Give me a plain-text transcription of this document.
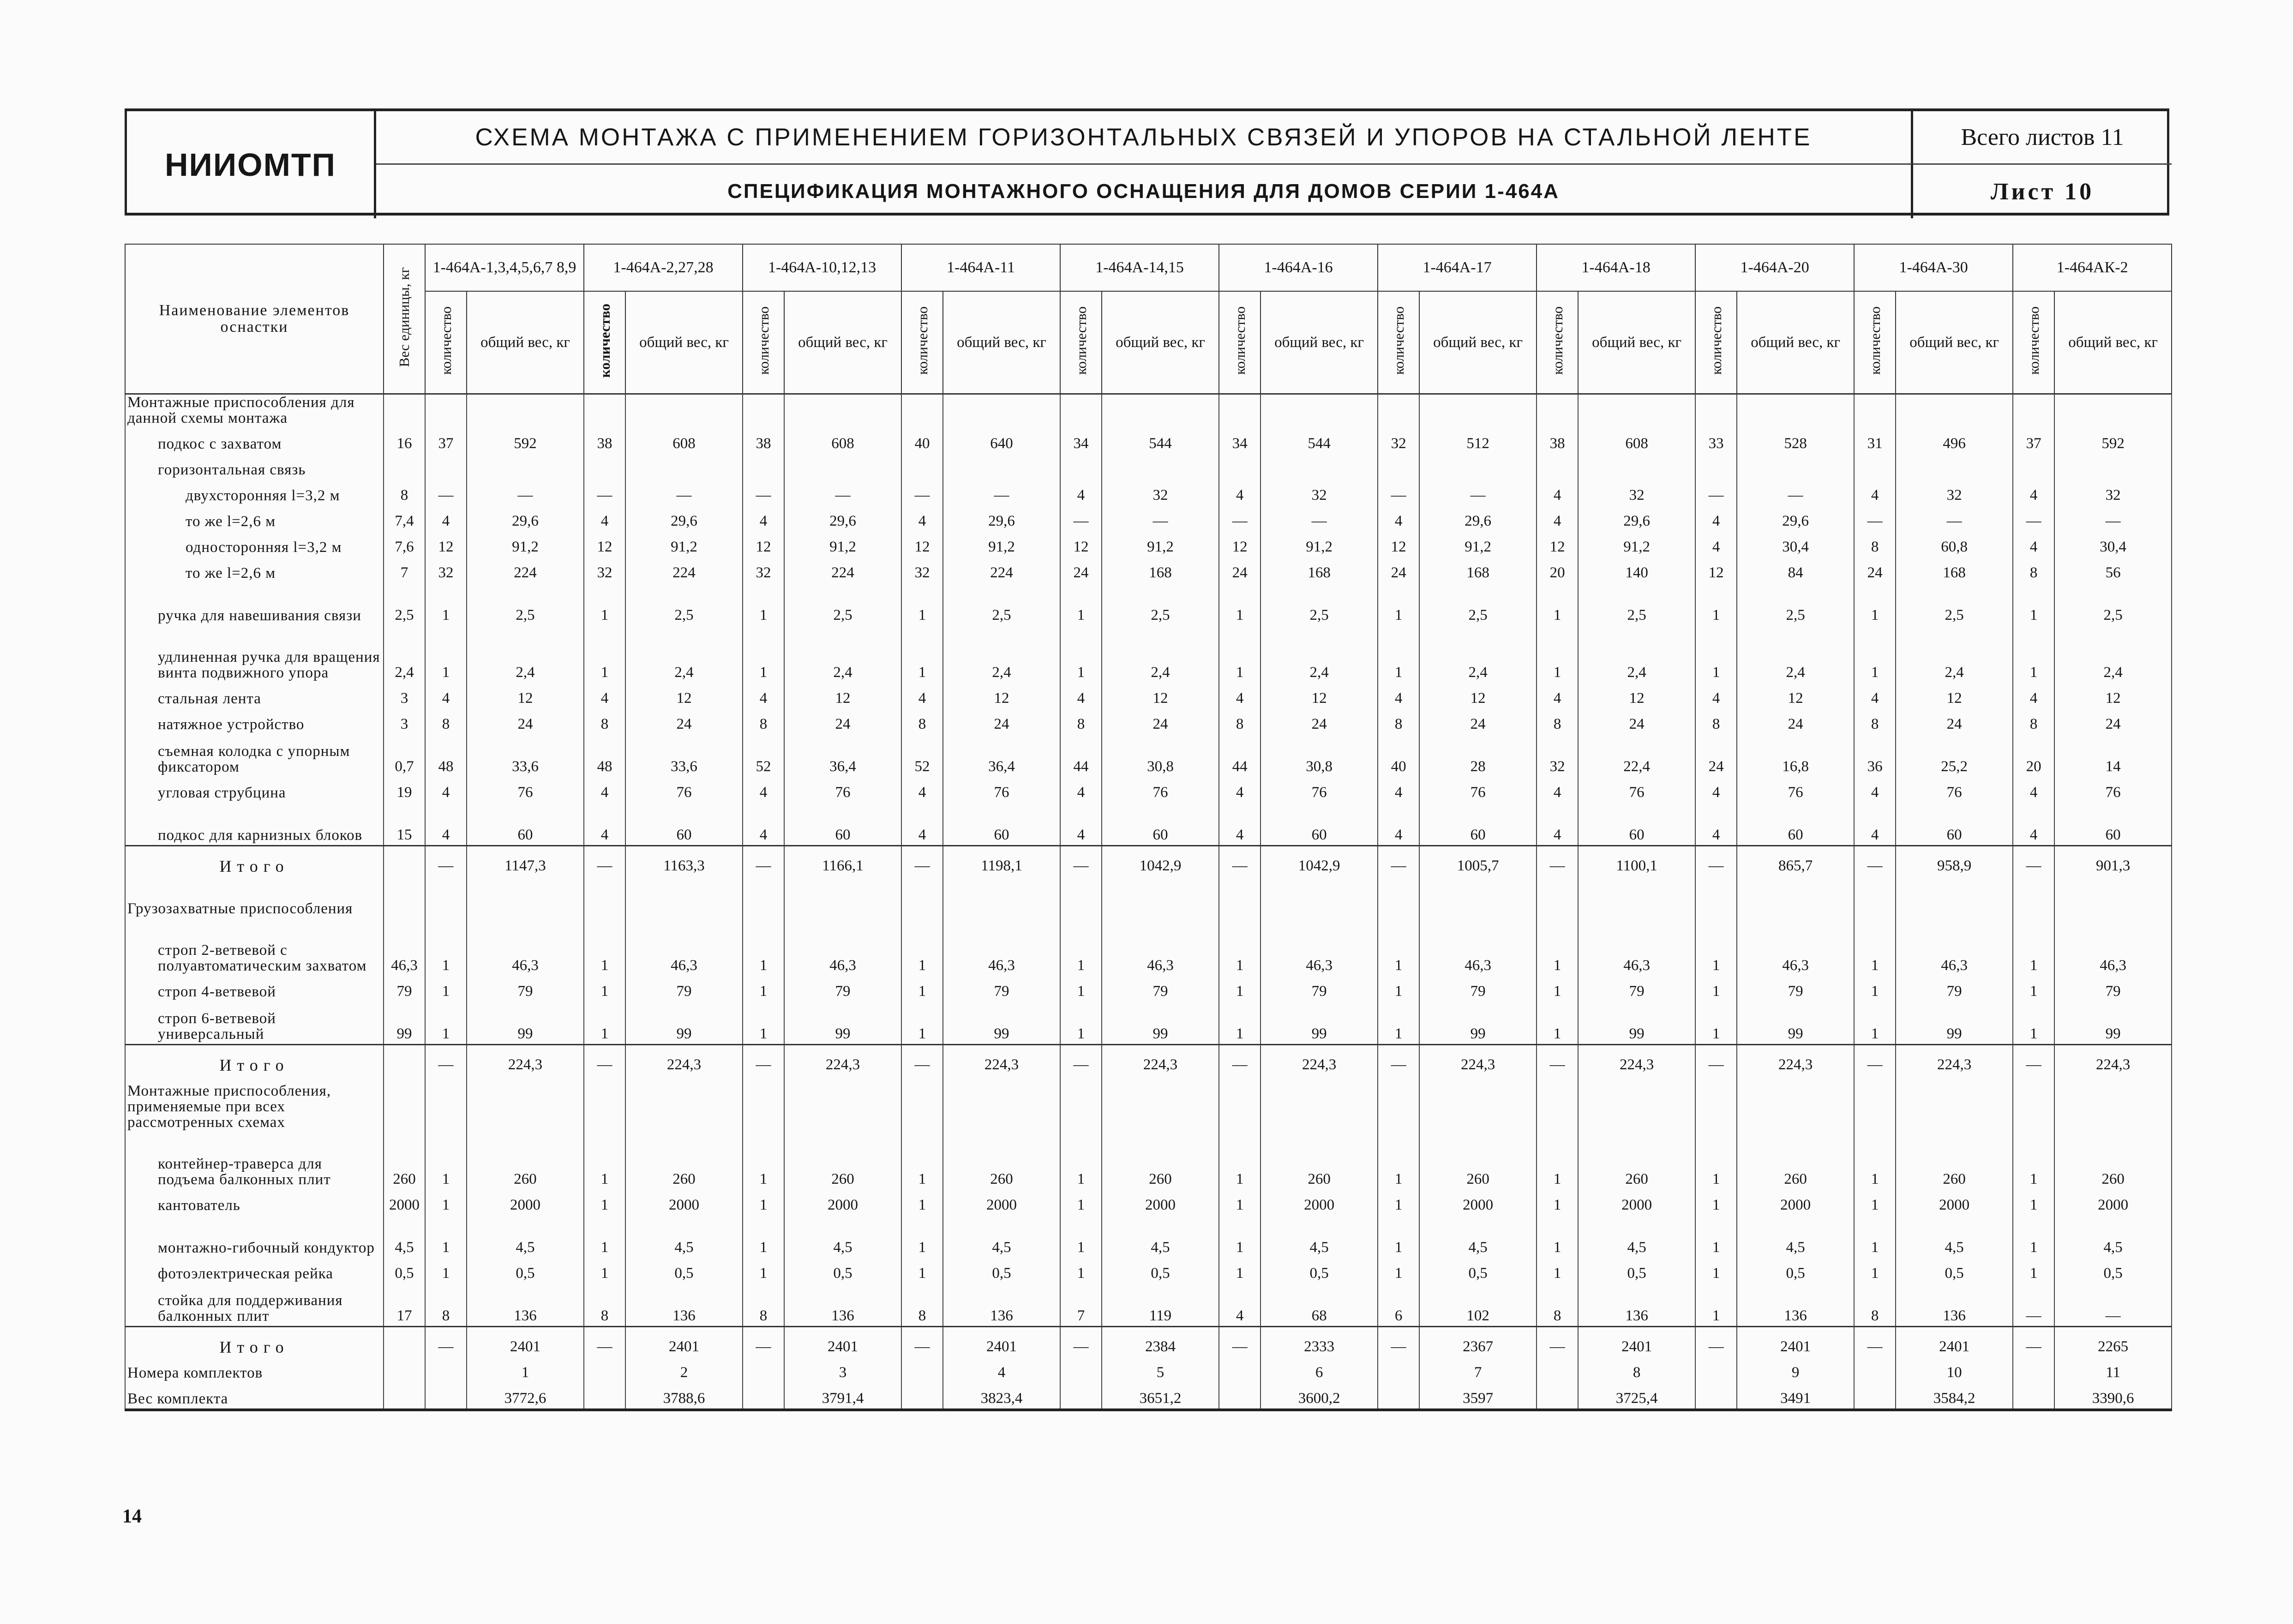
НИИОМТП
СХЕМА МОНТАЖА С ПРИМЕНЕНИЕМ ГОРИЗОНТАЛЬНЫХ СВЯЗЕЙ И УПОРОВ НА СТАЛЬНОЙ ЛЕНТЕ	Всего листов 11
СПЕЦИФИКАЦИЯ МОНТАЖНОГО ОСНАЩЕНИЯ ДЛЯ ДОМОВ СЕРИИ 1-464А	Лист 10
Наименование элементов оснастки	Вес единицы, кг	1-464А-1,3,4,5,6,7 8,9		1-464А-2,27,28		1-464А-10,12,13		1-464А-11		1-464А-14,15		1-464А-16		1-464А-17		1-464А-18		1-464А-20		1-464А-30		1-464АК-2	
		количество	общий вес, кг	количество	общий вес, кг	количество	общий вес, кг	количество	общий вес, кг	количество	общий вес, кг	количество	общий вес, кг	количество	общий вес, кг	количество	общий вес, кг	количество	общий вес, кг	количество	общий вес, кг	количество	общий вес, кг
Монтажные приспособления для данной схемы монтажа																							
подкос с захватом	16	37	592	38	608	38	608	40	640	34	544	34	544	32	512	38	608	33	528	31	496	37	592
горизонтальная связь																							
двухсторонняя l=3,2 м	8	—	—	—	—	—	—	—	—	4	32	4	32	—	—	4	32	—	—	4	32	4	32
то же l=2,6 м	7,4	4	29,6	4	29,6	4	29,6	4	29,6	—	—	—	—	4	29,6	4	29,6	4	29,6	—	—	—	—
односторонняя l=3,2 м	7,6	12	91,2	12	91,2	12	91,2	12	91,2	12	91,2	12	91,2	12	91,2	12	91,2	4	30,4	8	60,8	4	30,4
то же l=2,6 м	7	32	224	32	224	32	224	32	224	24	168	24	168	24	168	20	140	12	84	24	168	8	56
ручка для навешивания связи	2,5	1	2,5	1	2,5	1	2,5	1	2,5	1	2,5	1	2,5	1	2,5	1	2,5	1	2,5	1	2,5	1	2,5
удлиненная ручка для вращения винта подвижного упора	2,4	1	2,4	1	2,4	1	2,4	1	2,4	1	2,4	1	2,4	1	2,4	1	2,4	1	2,4	1	2,4	1	2,4
стальная лента	3	4	12	4	12	4	12	4	12	4	12	4	12	4	12	4	12	4	12	4	12	4	12
натяжное устройство	3	8	24	8	24	8	24	8	24	8	24	8	24	8	24	8	24	8	24	8	24	8	24
съемная колодка с упорным фиксатором	0,7	48	33,6	48	33,6	52	36,4	52	36,4	44	30,8	44	30,8	40	28	32	22,4	24	16,8	36	25,2	20	14
угловая струбцина	19	4	76	4	76	4	76	4	76	4	76	4	76	4	76	4	76	4	76	4	76	4	76
подкос для карнизных блоков	15	4	60	4	60	4	60	4	60	4	60	4	60	4	60	4	60	4	60	4	60	4	60
Итого		—	1147,3	—	1163,3	—	1166,1	—	1198,1	—	1042,9	—	1042,9	—	1005,7	—	1100,1	—	865,7	—	958,9	—	901,3
Грузозахватные приспособления																							
строп 2-ветвевой с полуавтоматическим захватом	46,3	1	46,3	1	46,3	1	46,3	1	46,3	1	46,3	1	46,3	1	46,3	1	46,3	1	46,3	1	46,3	1	46,3
строп 4-ветвевой	79	1	79	1	79	1	79	1	79	1	79	1	79	1	79	1	79	1	79	1	79	1	79
строп 6-ветвевой универсальный	99	1	99	1	99	1	99	1	99	1	99	1	99	1	99	1	99	1	99	1	99	1	99
Итого		—	224,3	—	224,3	—	224,3	—	224,3	—	224,3	—	224,3	—	224,3	—	224,3	—	224,3	—	224,3	—	224,3
Монтажные приспособления, применяемые при всех рассмотренных схемах																							
контейнер-траверса для подъема балконных плит	260	1	260	1	260	1	260	1	260	1	260	1	260	1	260	1	260	1	260	1	260	1	260
кантователь	2000	1	2000	1	2000	1	2000	1	2000	1	2000	1	2000	1	2000	1	2000	1	2000	1	2000	1	2000
монтажно-гибочный кондуктор	4,5	1	4,5	1	4,5	1	4,5	1	4,5	1	4,5	1	4,5	1	4,5	1	4,5	1	4,5	1	4,5	1	4,5
фотоэлектрическая рейка	0,5	1	0,5	1	0,5	1	0,5	1	0,5	1	0,5	1	0,5	1	0,5	1	0,5	1	0,5	1	0,5	1	0,5
стойка для поддерживания балконных плит	17	8	136	8	136	8	136	8	136	7	119	4	68	6	102	8	136	1	136	8	136	—	—
Итого		—	2401	—	2401	—	2401	—	2401	—	2384	—	2333	—	2367	—	2401	—	2401	—	2401	—	2265
Номера комплектов			1		2		3		4		5		6		7		8		9		10		11
Вес комплекта			3772,6		3788,6		3791,4		3823,4		3651,2		3600,2		3597		3725,4		3491		3584,2		3390,6
14
